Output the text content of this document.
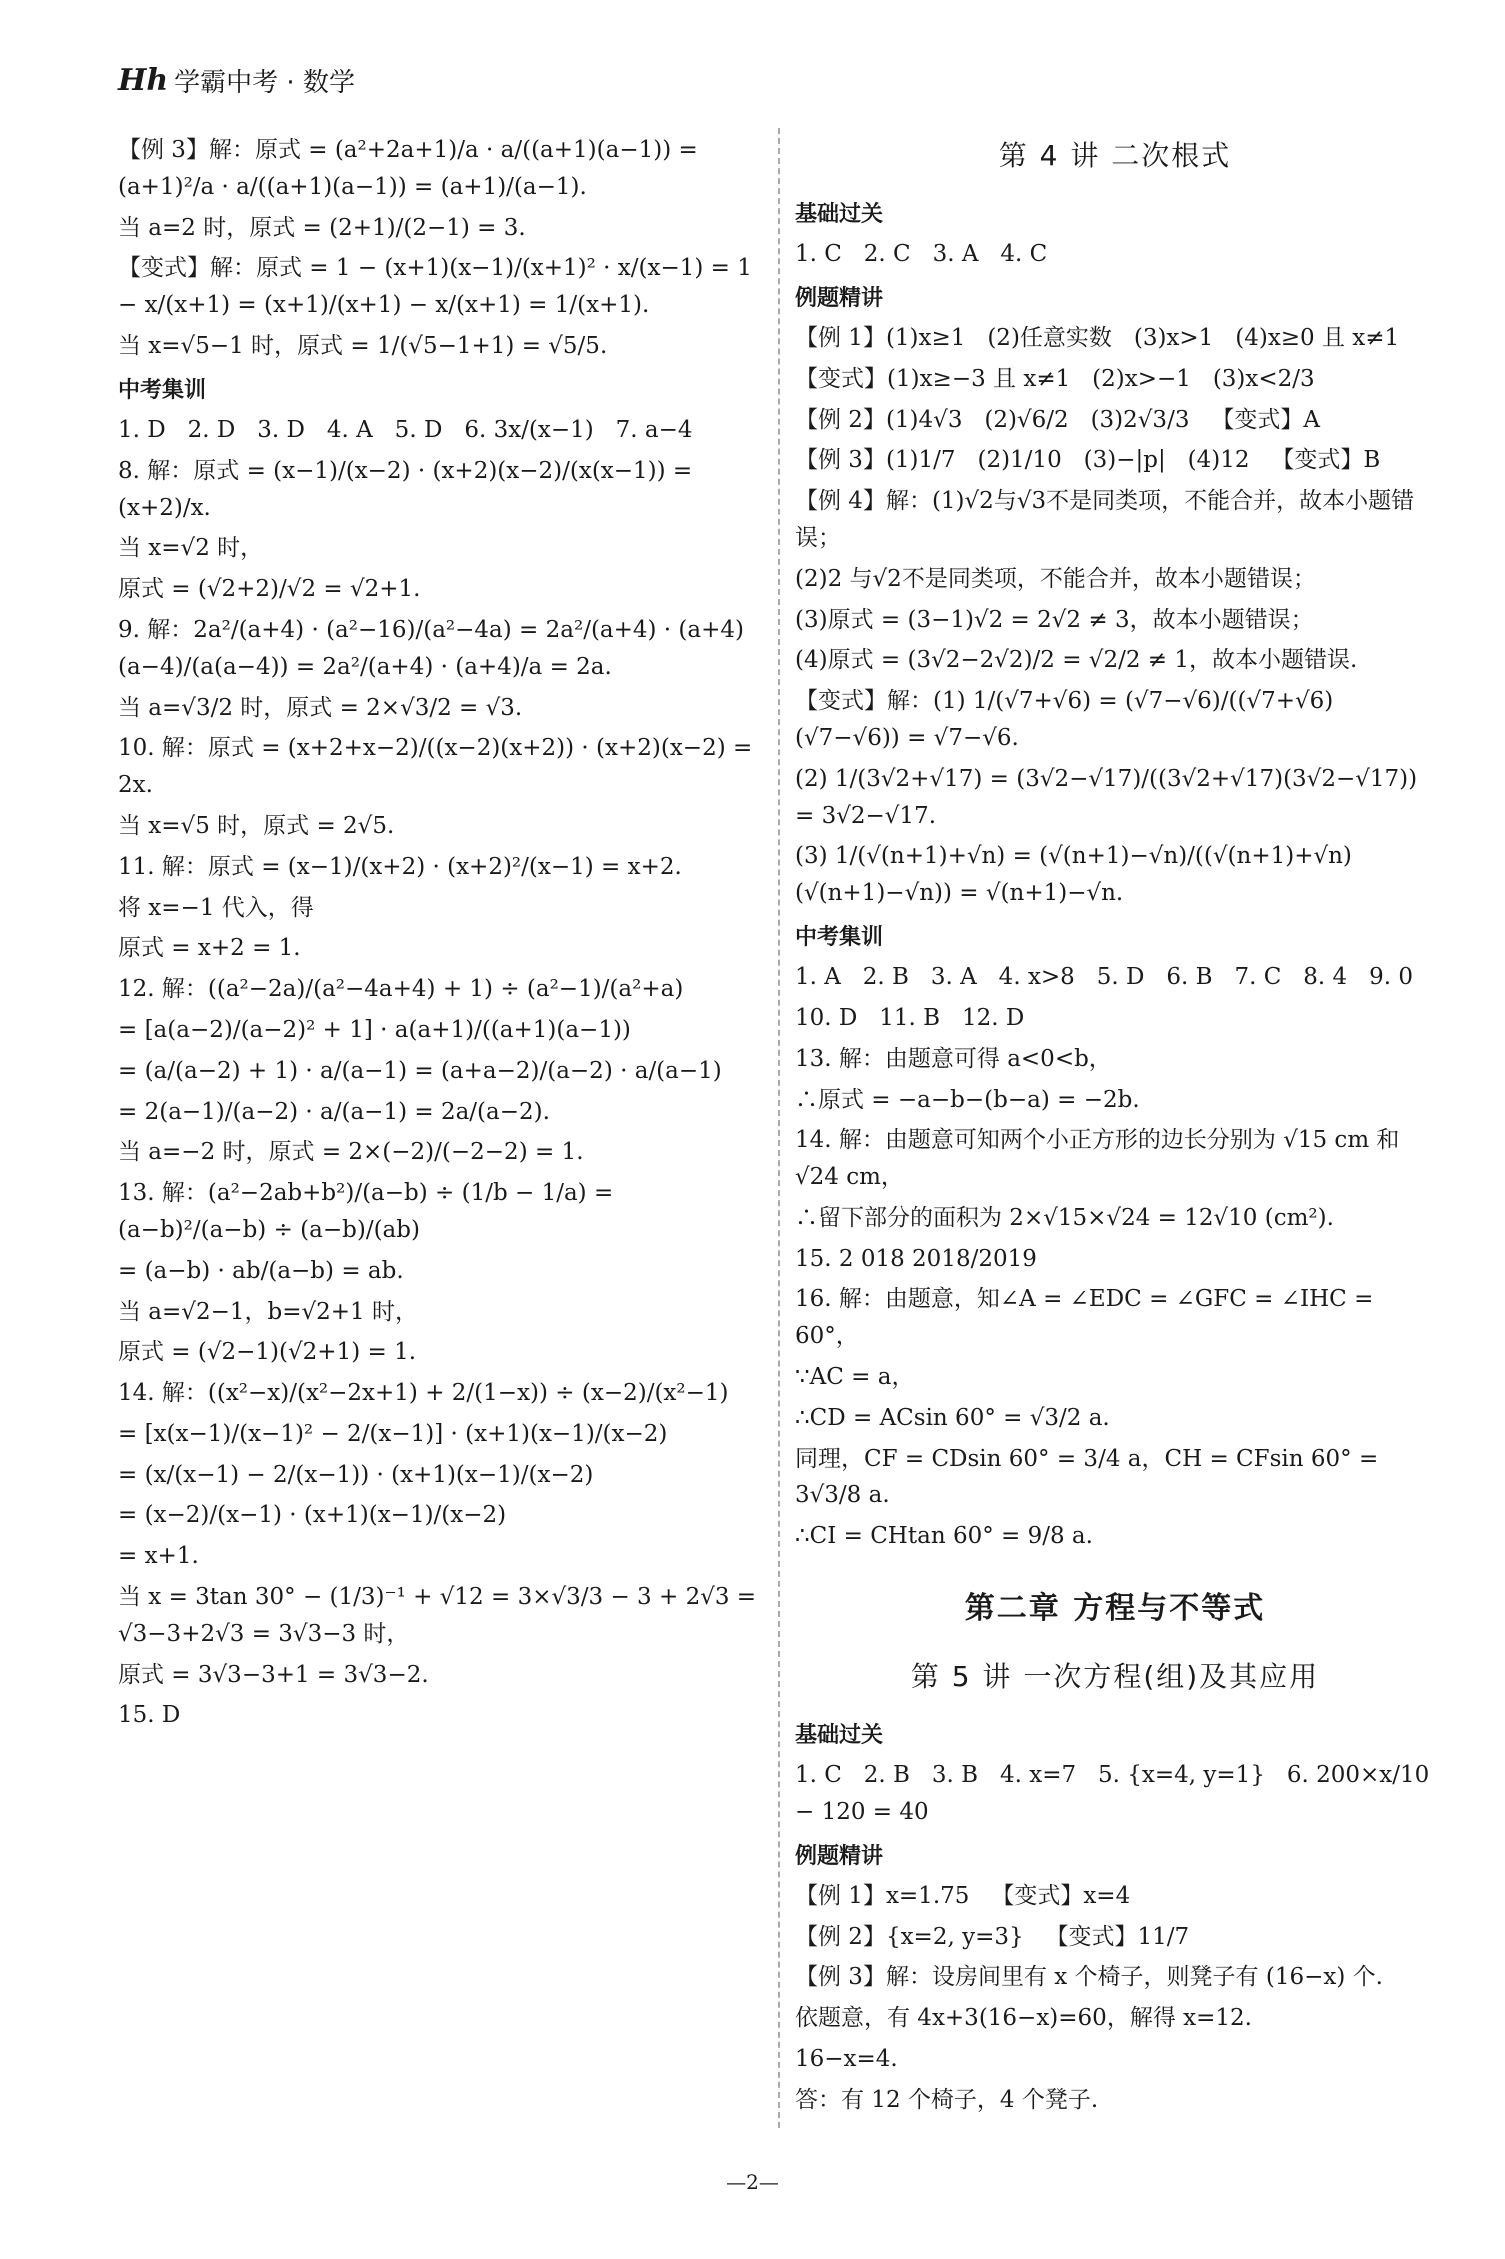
Hh 学霸中考 · 数学
【例 3】解：原式 = (a²+2a+1)/a · a/((a+1)(a−1)) = (a+1)²/a · a/((a+1)(a−1)) = (a+1)/(a−1).
当 a=2 时，原式 = (2+1)/(2−1) = 3.
【变式】解：原式 = 1 − (x+1)(x−1)/(x+1)² · x/(x−1) = 1 − x/(x+1) = (x+1)/(x+1) − x/(x+1) = 1/(x+1).
当 x=√5−1 时，原式 = 1/(√5−1+1) = √5/5.
中考集训
1. D   2. D   3. D   4. A   5. D   6. 3x/(x−1)   7. a−4
8. 解：原式 = (x−1)/(x−2) · (x+2)(x−2)/(x(x−1)) = (x+2)/x.
当 x=√2 时，
原式 = (√2+2)/√2 = √2+1.
9. 解：2a²/(a+4) · (a²−16)/(a²−4a) = 2a²/(a+4) · (a+4)(a−4)/(a(a−4)) = 2a²/(a+4) · (a+4)/a = 2a.
当 a=√3/2 时，原式 = 2×√3/2 = √3.
10. 解：原式 = (x+2+x−2)/((x−2)(x+2)) · (x+2)(x−2) = 2x.
当 x=√5 时，原式 = 2√5.
11. 解：原式 = (x−1)/(x+2) · (x+2)²/(x−1) = x+2.
将 x=−1 代入，得
原式 = x+2 = 1.
12. 解：((a²−2a)/(a²−4a+4) + 1) ÷ (a²−1)/(a²+a)
= [a(a−2)/(a−2)² + 1] · a(a+1)/((a+1)(a−1))
= (a/(a−2) + 1) · a/(a−1) = (a+a−2)/(a−2) · a/(a−1)
= 2(a−1)/(a−2) · a/(a−1) = 2a/(a−2).
当 a=−2 时，原式 = 2×(−2)/(−2−2) = 1.
13. 解：(a²−2ab+b²)/(a−b) ÷ (1/b − 1/a) = (a−b)²/(a−b) ÷ (a−b)/(ab)
= (a−b) · ab/(a−b) = ab.
当 a=√2−1，b=√2+1 时，
原式 = (√2−1)(√2+1) = 1.
14. 解：((x²−x)/(x²−2x+1) + 2/(1−x)) ÷ (x−2)/(x²−1)
= [x(x−1)/(x−1)² − 2/(x−1)] · (x+1)(x−1)/(x−2)
= (x/(x−1) − 2/(x−1)) · (x+1)(x−1)/(x−2)
= (x−2)/(x−1) · (x+1)(x−1)/(x−2)
= x+1.
当 x = 3tan 30° − (1/3)⁻¹ + √12 = 3×√3/3 − 3 + 2√3 = √3−3+2√3 = 3√3−3 时，
原式 = 3√3−3+1 = 3√3−2.
15. D
第 4 讲 二次根式
基础过关
1. C   2. C   3. A   4. C
例题精讲
【例 1】(1)x≥1   (2)任意实数   (3)x>1   (4)x≥0 且 x≠1
【变式】(1)x≥−3 且 x≠1   (2)x>−1   (3)x<2/3
【例 2】(1)4√3   (2)√6/2   (3)2√3/3   【变式】A
【例 3】(1)1/7   (2)1/10   (3)−|p|   (4)12   【变式】B
【例 4】解：(1)√2与√3不是同类项，不能合并，故本小题错误；
(2)2 与√2不是同类项，不能合并，故本小题错误；
(3)原式 = (3−1)√2 = 2√2 ≠ 3，故本小题错误；
(4)原式 = (3√2−2√2)/2 = √2/2 ≠ 1，故本小题错误.
【变式】解：(1) 1/(√7+√6) = (√7−√6)/((√7+√6)(√7−√6)) = √7−√6.
(2) 1/(3√2+√17) = (3√2−√17)/((3√2+√17)(3√2−√17)) = 3√2−√17.
(3) 1/(√(n+1)+√n) = (√(n+1)−√n)/((√(n+1)+√n)(√(n+1)−√n)) = √(n+1)−√n.
中考集训
1. A   2. B   3. A   4. x>8   5. D   6. B   7. C   8. 4   9. 0
10. D   11. B   12. D
13. 解：由题意可得 a<0<b，
∴原式 = −a−b−(b−a) = −2b.
14. 解：由题意可知两个小正方形的边长分别为 √15 cm 和 √24 cm，
∴留下部分的面积为 2×√15×√24 = 12√10 (cm²).
15. 2 018 2018/2019
16. 解：由题意，知∠A = ∠EDC = ∠GFC = ∠IHC = 60°，
∵AC = a，
∴CD = ACsin 60° = √3/2 a.
同理，CF = CDsin 60° = 3/4 a，CH = CFsin 60° = 3√3/8 a.
∴CI = CHtan 60° = 9/8 a.
第二章 方程与不等式
第 5 讲 一次方程(组)及其应用
基础过关
1. C   2. B   3. B   4. x=7   5. {x=4, y=1}   6. 200×x/10 − 120 = 40
例题精讲
【例 1】x=1.75   【变式】x=4
【例 2】{x=2, y=3}   【变式】11/7
【例 3】解：设房间里有 x 个椅子，则凳子有 (16−x) 个.
依题意，有 4x+3(16−x)=60，解得 x=12.
16−x=4.
答：有 12 个椅子，4 个凳子.
—2—
